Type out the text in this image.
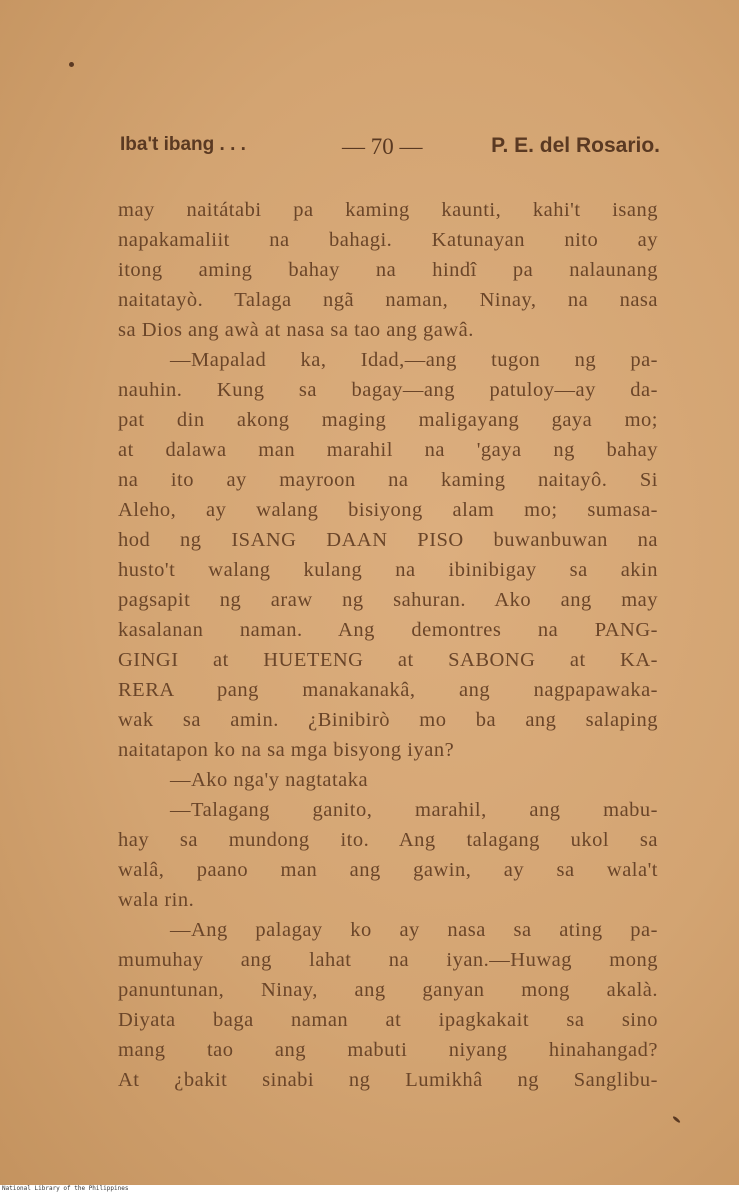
Iba't ibang . . .	— 70 —	P. E. del Rosario.
may naitátabi pa kaming kaunti, kahi't isang
napakamaliit na bahagi. Katunayan nito ay
itong aming bahay na hindî pa nalaunang
naitatayò. Talaga ngã naman, Ninay, na nasa
sa Dios ang awà at nasa sa tao ang gawâ.
—Mapalad ka, Idad,—ang tugon ng pa-
nauhin. Kung sa bagay—ang patuloy—ay da-
pat din akong maging maligayang gaya mo;
at dalawa man marahil na 'gaya ng bahay
na ito ay mayroon na kaming naitayô. Si
Aleho, ay walang bisiyong alam mo; sumasa-
hod ng ISANG DAAN PISO buwanbuwan na
husto't walang kulang na ibinibigay sa akin
pagsapit ng araw ng sahuran. Ako ang may
kasalanan naman. Ang demontres na PANG-
GINGI at HUETENG at SABONG at KA-
RERA pang manakanakâ, ang nagpapawaka-
wak sa amin. ¿Binibirò mo ba ang salaping
naitatapon ko na sa mga bisyong iyan?
—Ako nga'y nagtataka
—Talagang ganito, marahil, ang mabu-
hay sa mundong ito. Ang talagang ukol sa
walâ, paano man ang gawin, ay sa wala't
wala rin.
—Ang palagay ko ay nasa sa ating pa-
mumuhay ang lahat na iyan.—Huwag mong
panuntunan, Ninay, ang ganyan mong akalà.
Diyata baga naman at ipagkakait sa sino
mang tao ang mabuti niyang hinahangad?
At ¿bakit sinabi ng Lumikhâ ng Sanglibu-
National Library of the Philippines
